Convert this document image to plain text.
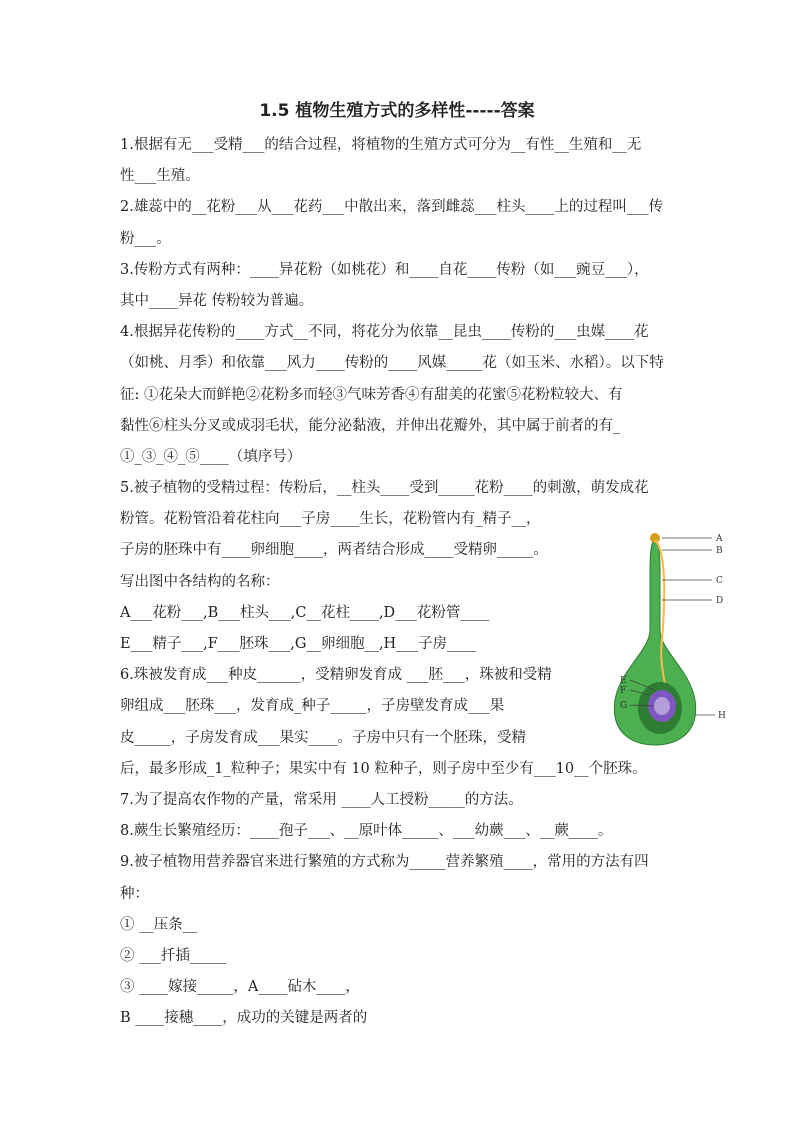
1.5 植物生殖方式的多样性-----答案
1.根据有无___受精___的结合过程，将植物的生殖方式可分为__有性__生殖和__无
性___生殖。
2.雄蕊中的__花粉___从___花药___中散出来，落到雌蕊___柱头____上的过程叫___传
粉___。
3.传粉方式有两种：____异花粉（如桃花）和____自花____传粉（如___豌豆___），
其中____异花 传粉较为普遍。
4.根据异花传粉的____方式__不同，将花分为依靠__昆虫____传粉的___虫媒____花
（如桃、月季）和依靠___风力____传粉的____风媒_____花（如玉米、水稻）。以下特
征: ①花朵大而鲜艳②花粉多而轻③气味芳香④有甜美的花蜜⑤花粉粒较大、有
黏性⑥柱头分叉或成羽毛状，能分泌黏液，并伸出花瓣外，其中属于前者的有_
①_③_④_⑤____（填序号）
5.被子植物的受精过程：传粉后，__柱头____受到_____花粉____的刺激，萌发成花
粉管。花粉管沿着花柱向___子房____生长，花粉管内有_精子__，
子房的胚珠中有____卵细胞____，两者结合形成____受精卵_____。
写出图中各结构的名称：
A___花粉___,B___柱头___,C__花柱____,D___花粉管____
E___精子___,F___胚珠___,G__卵细胞__,H___子房____
6.珠被发育成___种皮______，受精卵发育成 ___胚___，珠被和受精
卵组成___胚珠___，发育成_种子_____，子房壁发育成___果
皮_____，子房发育成___果实____。子房中只有一个胚珠，受精
后，最多形成_1_粒种子；果实中有 10 粒种子，则子房中至少有___10__个胚珠。
7.为了提高农作物的产量，常采用 ____人工授粉_____的方法。
8.蕨生长繁殖经历：____孢子___、__原叶体_____、___幼蕨___、__蕨____。
9.被子植物用营养器官来进行繁殖的方式称为_____营养繁殖____，常用的方法有四
种：
① __压条__
② ___扦插_____
③ ____嫁接_____，A____砧木____，
B ____接穗____，成功的关键是两者的
A
B
C
D
E
F
G
H
